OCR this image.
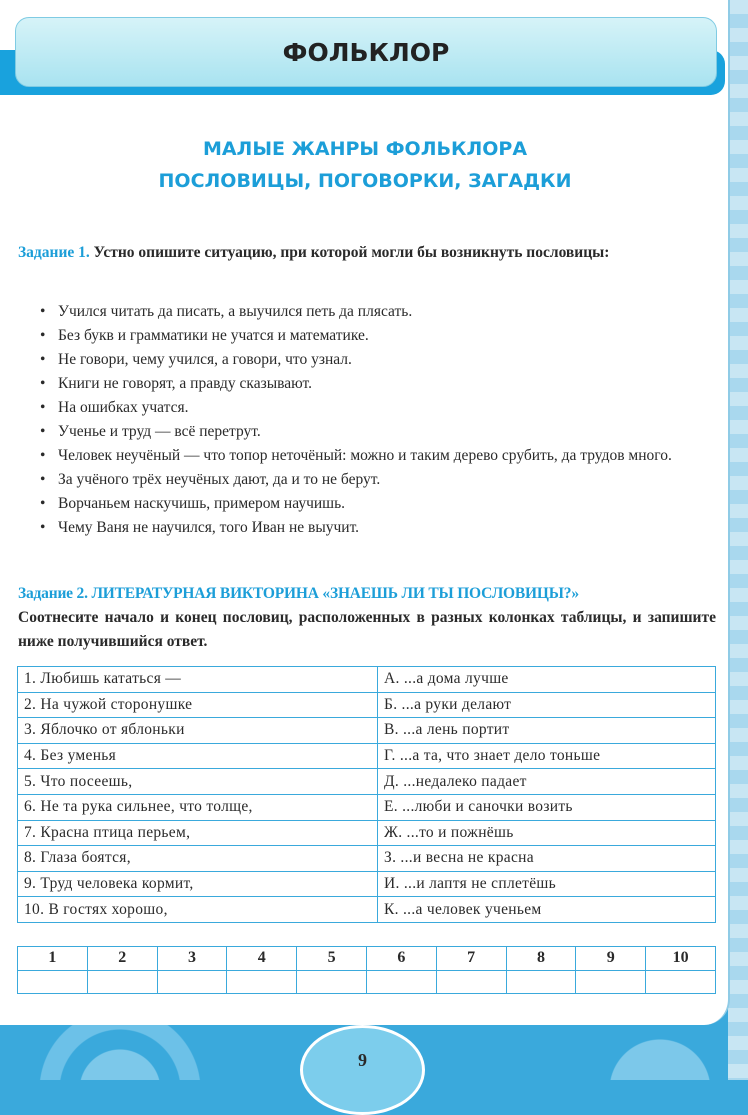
ФОЛЬКЛОР
МАЛЫЕ ЖАНРЫ ФОЛЬКЛОРА
ПОСЛОВИЦЫ, ПОГОВОРКИ, ЗАГАДКИ
Задание 1. Устно опишите ситуацию, при которой могли бы возникнуть пословицы:
• Учился читать да писать, а выучился петь да плясать.
• Без букв и грамматики не учатся и математике.
• Не говори, чему учился, а говори, что узнал.
• Книги не говорят, а правду сказывают.
• На ошибках учатся.
• Ученье и труд — всё перетрут.
• Человек неучёный — что топор неточёный: можно и таким дерево срубить, да трудов много.
• За учёного трёх неучёных дают, да и то не берут.
• Ворчаньем наскучишь, примером научишь.
• Чему Ваня не научился, того Иван не выучит.
Задание 2. ЛИТЕРАТУРНАЯ ВИКТОРИНА «ЗНАЕШЬ ЛИ ТЫ ПОСЛОВИЦЫ?»
Соотнесите начало и конец пословиц, расположенных в разных колонках таблицы, и запишите ниже получившийся ответ.
1. Любишь кататься —	А. ...а дома лучше
2. На чужой сторонушке	Б. ...а руки делают
3. Яблочко от яблоньки	В. ...а лень портит
4. Без уменья	Г. ...а та, что знает дело тоньше
5. Что посеешь,	Д. ...недалеко падает
6. Не та рука сильнее, что толще,	Е. ...люби и саночки возить
7. Красна птица перьем,	Ж. ...то и пожнёшь
8. Глаза боятся,	З. ...и весна не красна
9. Труд человека кормит,	И. ...и лаптя не сплетёшь
10. В гостях хорошо,	К. ...а человек ученьем
1	2	3	4	5	6	7	8	9	10

9
